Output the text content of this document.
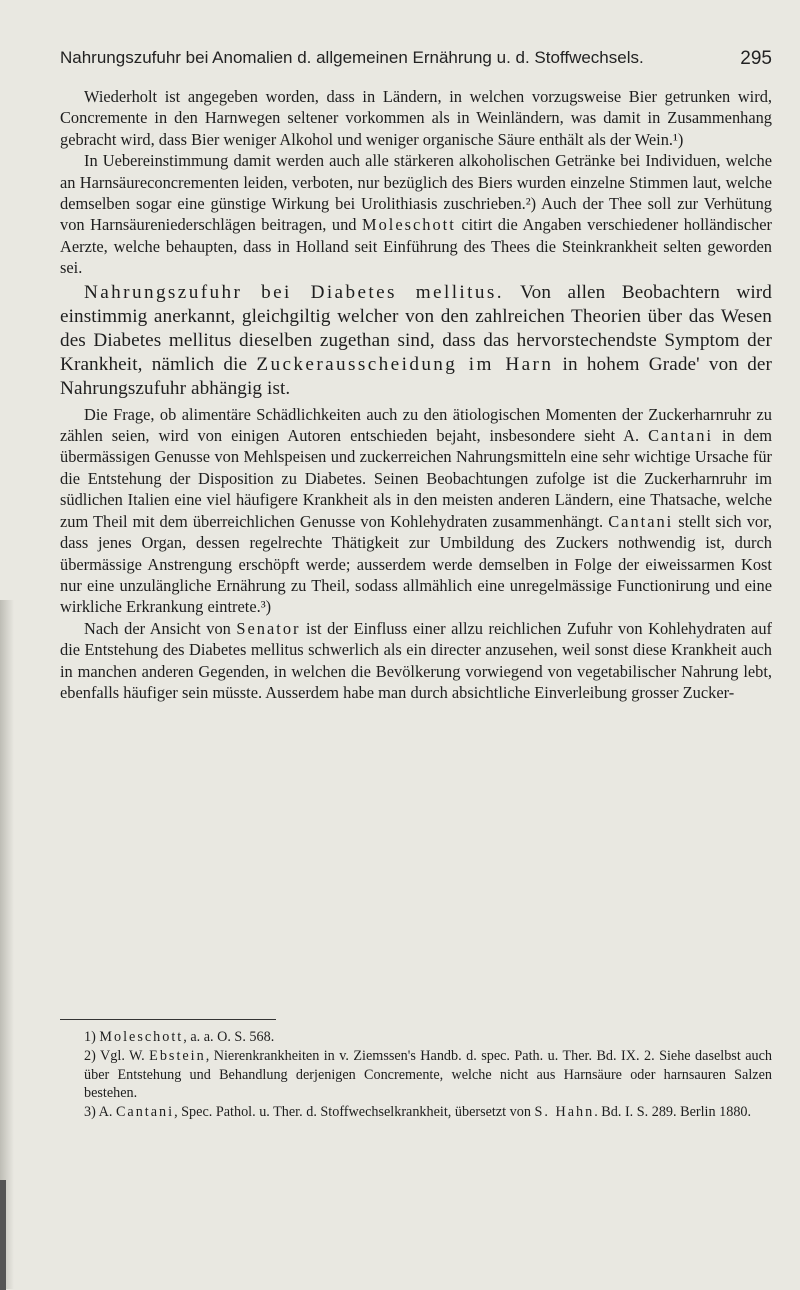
Nahrungszufuhr bei Anomalien d. allgemeinen Ernährung u. d. Stoffwechsels.	295

Wiederholt ist angegeben worden, dass in Ländern, in welchen vorzugsweise Bier getrunken wird, Concremente in den Harnwegen seltener vorkommen als in Weinländern, was damit in Zusammenhang gebracht wird, dass Bier weniger Alkohol und weniger organische Säure enthält als der Wein.¹)

In Uebereinstimmung damit werden auch alle stärkeren alkoholischen Getränke bei Individuen, welche an Harnsäureconcrementen leiden, verboten, nur bezüglich des Biers wurden einzelne Stimmen laut, welche demselben sogar eine günstige Wirkung bei Urolithiasis zuschrieben.²) Auch der Thee soll zur Verhütung von Harnsäureniederschlägen beitragen, und Moleschott citirt die Angaben verschiedener holländischer Aerzte, welche behaupten, dass in Holland seit Einführung des Thees die Steinkrankheit selten geworden sei.

Nahrungszufuhr bei Diabetes mellitus. Von allen Beobachtern wird einstimmig anerkannt, gleichgiltig welcher von den zahlreichen Theorien über das Wesen des Diabetes mellitus dieselben zugethan sind, dass das hervorstechendste Symptom der Krankheit, nämlich die Zuckerausscheidung im Harn in hohem Grade' von der Nahrungszufuhr abhängig ist.

Die Frage, ob alimentäre Schädlichkeiten auch zu den ätiologischen Momenten der Zuckerharnruhr zu zählen seien, wird von einigen Autoren entschieden bejaht, insbesondere sieht A. Cantani in dem übermässigen Genusse von Mehlspeisen und zuckerreichen Nahrungsmitteln eine sehr wichtige Ursache für die Entstehung der Disposition zu Diabetes. Seinen Beobachtungen zufolge ist die Zuckerharnruhr im südlichen Italien eine viel häufigere Krankheit als in den meisten anderen Ländern, eine Thatsache, welche zum Theil mit dem überreichlichen Genusse von Kohlehydraten zusammenhängt. Cantani stellt sich vor, dass jenes Organ, dessen regelrechte Thätigkeit zur Umbildung des Zuckers nothwendig ist, durch übermässige Anstrengung erschöpft werde; ausserdem werde demselben in Folge der eiweissarmen Kost nur eine unzulängliche Ernährung zu Theil, sodass allmählich eine unregelmässige Functionirung und eine wirkliche Erkrankung eintrete.³)

Nach der Ansicht von Senator ist der Einfluss einer allzu reichlichen Zufuhr von Kohlehydraten auf die Entstehung des Diabetes mellitus schwerlich als ein directer anzusehen, weil sonst diese Krankheit auch in manchen anderen Gegenden, in welchen die Bevölkerung vorwiegend von vegetabilischer Nahrung lebt, ebenfalls häufiger sein müsste. Ausserdem habe man durch absichtliche Einverleibung grosser Zucker-

1) Moleschott, a. a. O. S. 568.

2) Vgl. W. Ebstein, Nierenkrankheiten in v. Ziemssen's Handb. d. spec. Path. u. Ther. Bd. IX. 2. Siehe daselbst auch über Entstehung und Behandlung derjenigen Concremente, welche nicht aus Harnsäure oder harnsauren Salzen bestehen.

3) A. Cantani, Spec. Pathol. u. Ther. d. Stoffwechselkrankheit, übersetzt von S. Hahn. Bd. I. S. 289. Berlin 1880.
